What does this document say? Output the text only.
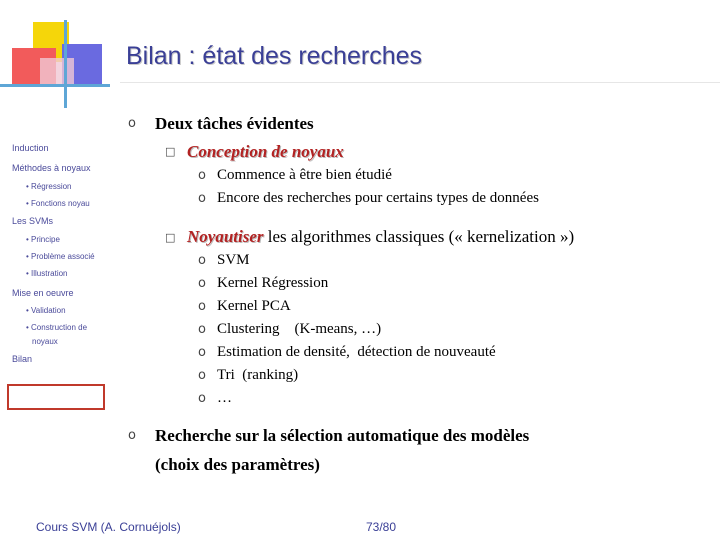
Bilan : état des recherches
Induction
Méthodes à noyaux
• Régression
• Fonctions noyau
Les SVMs
• Principe
• Problème associé
• Illustration
Mise en oeuvre
• Validation
• Construction de
noyaux
Bilan
ο Deux tâches évidentes
□ Conception de noyaux
ο Commence à être bien étudié
ο Encore des recherches pour certains types de données
□ Noyautiser les algorithmes classiques (« kernelization »)
ο SVM
ο Kernel Régression
ο Kernel PCA
ο Clustering    (K-means, …)
ο Estimation de densité,  détection de nouveauté
ο Tri  (ranking)
ο …
ο Recherche sur la sélection automatique des modèles
(choix des paramètres)
Cours SVM (A. Cornuéjols)	73/80
